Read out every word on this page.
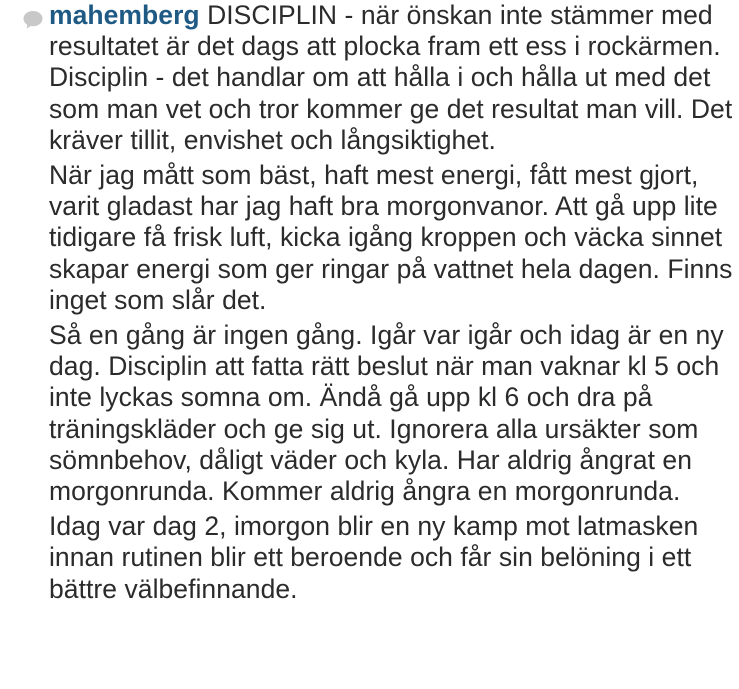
mahemberg DISCIPLIN - när önskan inte stämmer med resultatet är det dags att plocka fram ett ess i rockärmen. Disciplin - det handlar om att hålla i och hålla ut med det som man vet och tror kommer ge det resultat man vill. Det kräver tillit, envishet och långsiktighet.

När jag mått som bäst, haft mest energi, fått mest gjort, varit gladast har jag haft bra morgonvanor. Att gå upp lite tidigare få frisk luft, kicka igång kroppen och väcka sinnet skapar energi som ger ringar på vattnet hela dagen. Finns inget som slår det.

Så en gång är ingen gång. Igår var igår och idag är en ny dag. Disciplin att fatta rätt beslut när man vaknar kl 5 och inte lyckas somna om. Ändå gå upp kl 6 och dra på träningskläder och ge sig ut. Ignorera alla ursäkter som sömnbehov, dåligt väder och kyla. Har aldrig ångrat en morgonrunda. Kommer aldrig ångra en morgonrunda.

Idag var dag 2, imorgon blir en ny kamp mot latmasken innan rutinen blir ett beroende och får sin belöning i ett bättre välbefinnande.
